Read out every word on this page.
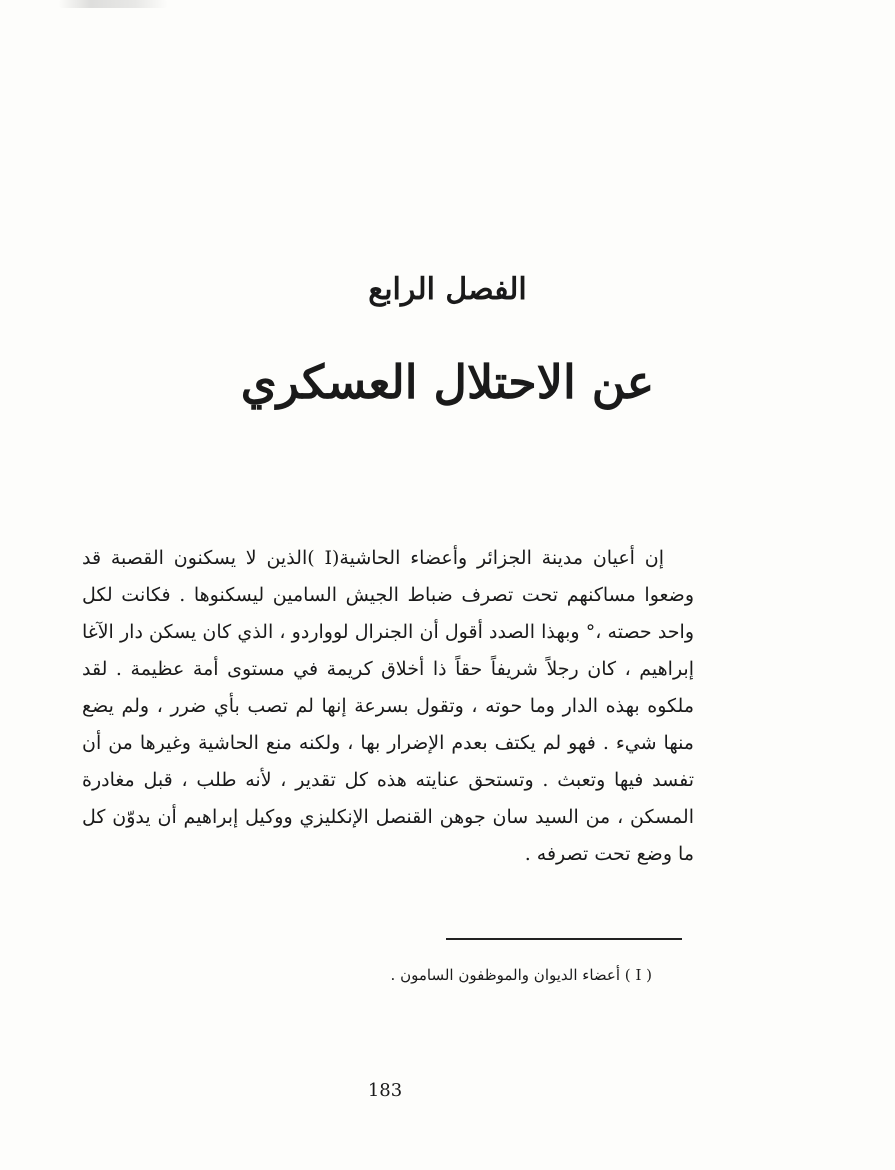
الفصل الرابع
عن الاحتلال العسكري

إن أعيان مدينة الجزائر وأعضاء الحاشية(I )الذين لا يسكنون القصبة قد وضعوا مساكنهم تحت تصرف ضباط الجيش السامين ليسكنوها . فكانت لكل واحد حصته ،° وبهذا الصدد أقول أن الجنرال لوواردو ، الذي كان يسكن دار الآغا إبراهيم ، كان رجلاً شريفاً حقاً ذا أخلاق كريمة في مستوى أمة عظيمة . لقد ملكوه بهذه الدار وما حوته ، وتقول بسرعة إنها لم تصب بأي ضرر ، ولم يضع منها شيء . فهو لم يكتف بعدم الإضرار بها ، ولكنه منع الحاشية وغيرها من أن تفسد فيها وتعبث . وتستحق عنايته هذه كل تقدير ، لأنه طلب ، قبل مغادرة المسكن ، من السيد سان جوهن القنصل الإنكليزي ووكيل إبراهيم أن يدوّن كل ما وضع تحت تصرفه .

( I ) أعضاء الديوان والموظفون السامون .
183
